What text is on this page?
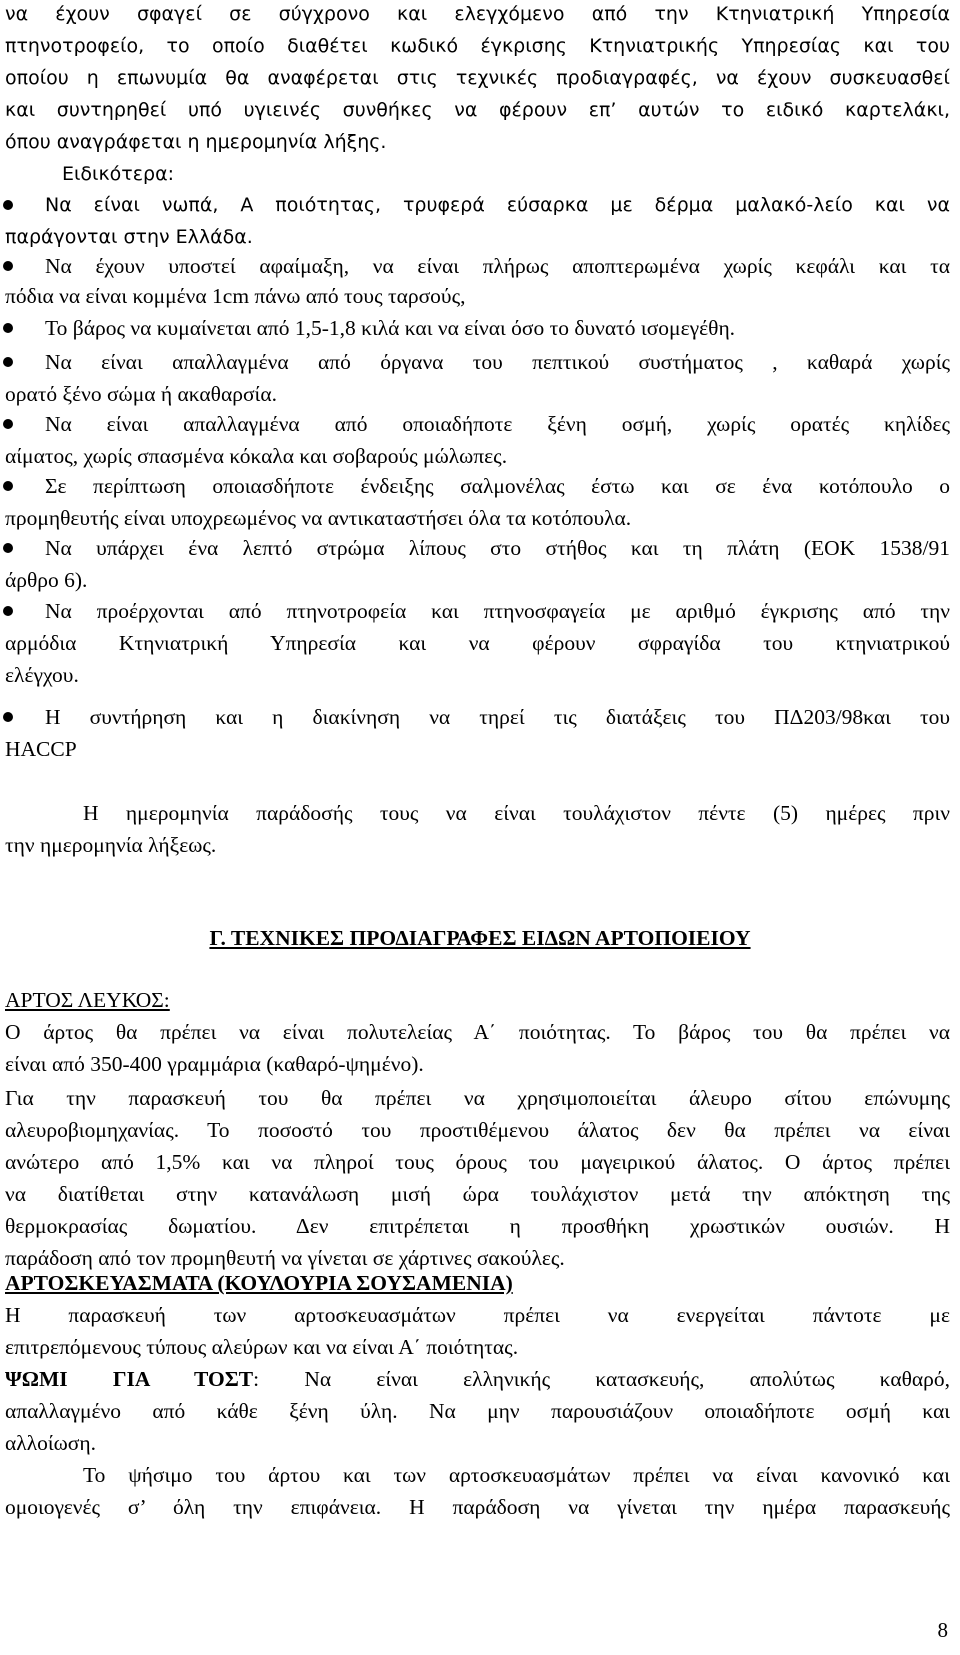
να έχουν σφαγεί σε σύγχρονο και ελεγχόμενο από την Κτηνιατρική Υπηρεσία
πτηνοτροφείο, το οποίο διαθέτει κωδικό έγκρισης Κτηνιατρικής Υπηρεσίας και του
οποίου η επωνυμία θα αναφέρεται στις τεχνικές προδιαγραφές, να έχουν συσκευασθεί
και συντηρηθεί υπό υγιεινές συνθήκες να φέρουν επ’ αυτών το ειδικό καρτελάκι,
όπου αναγράφεται η ημερομηνία λήξης.
Ειδικότερα:
Να είναι νωπά, Α ποιότητας, τρυφερά εύσαρκα με δέρμα μαλακό-λείο και να
παράγονται στην Ελλάδα.
Να έχουν υποστεί αφαίμαξη, να είναι πλήρως αποπτερωμένα χωρίς κεφάλι και τα
πόδια να είναι κομμένα 1cm πάνω από τους ταρσούς,
Το βάρος να κυμαίνεται από 1,5-1,8 κιλά και να είναι όσο το δυνατό ισομεγέθη.
Να είναι απαλλαγμένα από όργανα του πεπτικού συστήματος , καθαρά χωρίς
ορατό ξένο σώμα ή ακαθαρσία.
Να είναι απαλλαγμένα από οποιαδήποτε ξένη οσμή, χωρίς ορατές κηλίδες
αίματος, χωρίς σπασμένα κόκαλα και σοβαρούς μώλωπες.
Σε περίπτωση οποιασδήποτε ένδειξης σαλμονέλας έστω και σε ένα κοτόπουλο ο
προμηθευτής είναι υποχρεωμένος να αντικαταστήσει όλα τα κοτόπουλα.
Να υπάρχει ένα λεπτό στρώμα λίπους στο στήθος και τη πλάτη (ΕΟΚ 1538/91
άρθρο 6).
Να προέρχονται από πτηνοτροφεία και πτηνοσφαγεία με αριθμό έγκρισης από την
αρμόδια Κτηνιατρική Υπηρεσία και να φέρουν σφραγίδα του κτηνιατρικού
ελέγχου.
Η συντήρηση και η διακίνηση να τηρεί τις διατάξεις του ΠΔ203/98και του
HACCP
Η ημερομηνία παράδοσής τους να είναι τουλάχιστον πέντε (5) ημέρες πριν
την ημερομηνία λήξεως.
Γ. ΤΕΧΝΙΚΕΣ ΠΡΟΔΙΑΓΡΑΦΕΣ ΕΙΔΩΝ ΑΡΤΟΠΟΙΕΙΟΥ
ΑΡΤΟΣ ΛΕΥΚΟΣ:
Ο άρτος θα πρέπει να είναι πολυτελείας Α΄ ποιότητας. Το βάρος του θα πρέπει να
είναι από 350-400 γραμμάρια (καθαρό-ψημένο).
Για την παρασκευή του θα πρέπει να χρησιμοποιείται άλευρο σίτου επώνυμης
αλευροβιομηχανίας. Το ποσοστό του προστιθέμενου άλατος δεν θα πρέπει να είναι
ανώτερο από 1,5% και να πληροί τους όρους του μαγειρικού άλατος. Ο άρτος πρέπει
να διατίθεται στην κατανάλωση μισή ώρα τουλάχιστον μετά την απόκτηση της
θερμοκρασίας δωματίου. Δεν επιτρέπεται η προσθήκη χρωστικών ουσιών. Η
παράδοση από τον προμηθευτή να γίνεται σε χάρτινες σακούλες.
ΑΡΤΟΣΚΕΥΑΣΜΑΤΑ (ΚΟΥΛΟΥΡΙΑ ΣΟΥΣΑΜΕΝΙΑ)
Η παρασκευή των αρτοσκευασμάτων πρέπει να ενεργείται πάντοτε με
επιτρεπόμενους τύπους αλεύρων και να είναι Α΄ ποιότητας.
ΨΩΜΙ ΓΙΑ ΤΟΣΤ: Να είναι ελληνικής κατασκευής, απολύτως καθαρό,
απαλλαγμένο από κάθε ξένη ύλη. Να μην παρουσιάζουν οποιαδήποτε οσμή και
αλλοίωση.
Το ψήσιμο του άρτου και των αρτοσκευασμάτων πρέπει να είναι κανονικό και
ομοιογενές σ’ όλη την επιφάνεια. Η παράδοση να γίνεται την ημέρα παρασκευής
8
